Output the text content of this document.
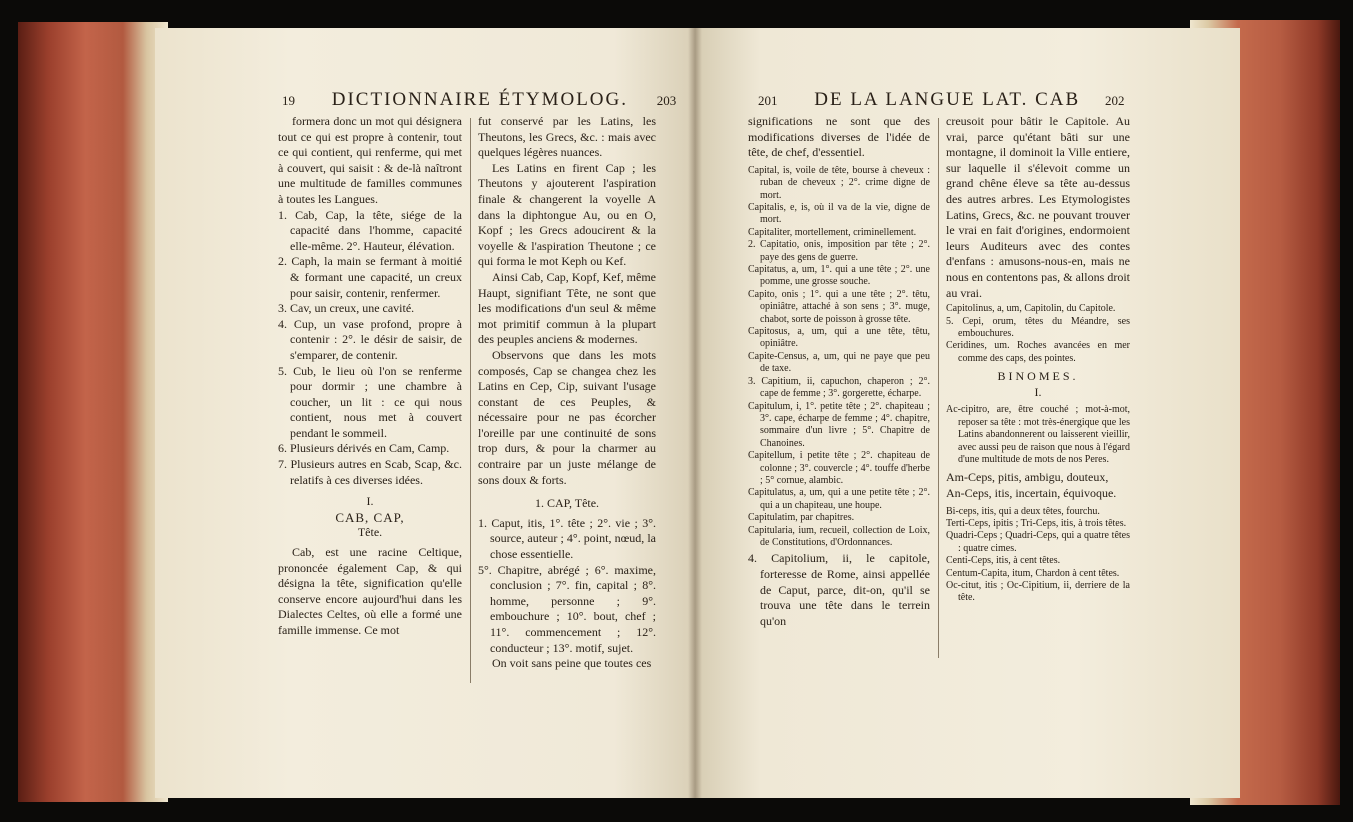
19 DICTIONNAIRE ÉTYMOLOG. 203	201 DE LA LANGUE LAT. CAB 202

formera donc un mot qui désignera tout ce qui est propre à contenir, tout ce qui contient, qui renferme, qui met à couvert, qui saisit : & de-là naîtront une multitude de familles communes à toutes les Langues.

1. Cab, Cap, la tête, siége de la capacité dans l'homme, capacité elle-même. 2°. Hauteur, élévation.

2. Caph, la main se fermant à moitié & formant une capacité, un creux pour saisir, contenir, renfermer.

3. Cav, un creux, une cavité.

4. Cup, un vase profond, propre à contenir : 2°. le désir de saisir, de s'emparer, de contenir.

5. Cub, le lieu où l'on se renferme pour dormir ; une chambre à coucher, un lit : ce qui nous contient, nous met à couvert pendant le sommeil.

6. Plusieurs dérivés en Cam, Camp.

7. Plusieurs autres en Scab, Scap, &c. relatifs à ces diverses idées.

I.

CAB, CAP,

Tête.

Cab, est une racine Celtique, prononcée également Cap, & qui désigna la tête, signification qu'elle conserve encore aujourd'hui dans les Dialectes Celtes, où elle a formé une famille immense. Ce mot

fut conservé par les Latins, les Theutons, les Grecs, &c. : mais avec quelques légères nuances.

Les Latins en firent Cap ; les Theutons y ajouterent l'aspiration finale & changerent la voyelle A dans la diphtongue Au, ou en O, Kopf ; les Grecs adoucirent & la voyelle & l'aspiration Theutone ; ce qui forma le mot Keph ou Kef.

Ainsi Cab, Cap, Kopf, Kef, même Haupt, signifiant Tête, ne sont que les modifications d'un seul & même mot primitif commun à la plupart des peuples anciens & modernes.

Observons que dans les mots composés, Cap se changea chez les Latins en Cep, Cip, suivant l'usage constant de ces Peuples, & nécessaire pour ne pas écorcher l'oreille par une continuité de sons trop durs, & pour la charmer au contraire par un juste mélange de sons doux & forts.

1. CAP, Tête.

1. Caput, itis, 1°. tête ; 2°. vie ; 3°. source, auteur ; 4°. point, nœud, la chose essentielle.

5°. Chapitre, abrégé ; 6°. maxime, conclusion ; 7°. fin, capital ; 8°. homme, personne ; 9°. embouchure ; 10°. bout, chef ; 11°. commencement ; 12°. conducteur ; 13°. motif, sujet.

On voit sans peine que toutes ces

significations ne sont que des modifications diverses de l'idée de tête, de chef, d'essentiel.

Capital, is, voile de tête, bourse à cheveux : ruban de cheveux ; 2°. crime digne de mort.

Capitalis, e, is, où il va de la vie, digne de mort.

Capitaliter, mortellement, criminellement.

2. Capitatio, onis, imposition par tête ; 2°. paye des gens de guerre.

Capitatus, a, um, 1°. qui a une tête ; 2°. une pomme, une grosse souche.

Capito, onis ; 1°. qui a une tête ; 2°. têtu, opiniâtre, attaché à son sens ; 3°. muge, chabot, sorte de poisson à grosse tête.

Capitosus, a, um, qui a une tête, têtu, opiniâtre.

Capite-Census, a, um, qui ne paye que peu de taxe.

3. Capitium, ii, capuchon, chaperon ; 2°. cape de femme ; 3°. gorgerette, écharpe.

Capitulum, i, 1°. petite tête ; 2°. chapiteau ; 3°. cape, écharpe de femme ; 4°. chapitre, sommaire d'un livre ; 5°. Chapitre de Chanoines.

Capitellum, i petite tête ; 2°. chapiteau de colonne ; 3°. couvercle ; 4°. touffe d'herbe ; 5° cornue, alambic.

Capitulatus, a, um, qui a une petite tête ; 2°. qui a un chapiteau, une houpe.

Capitulatim, par chapitres.

Capitularia, ium, recueil, collection de Loix, de Constitutions, d'Ordonnances.

4. Capitolium, ii, le capitole, forteresse de Rome, ainsi appellée de Caput, parce, dit-on, qu'il se trouva une tête dans le terrein qu'on

creusoit pour bâtir le Capitole. Au vrai, parce qu'étant bâti sur une montagne, il dominoit la Ville entiere, sur laquelle il s'élevoit comme un grand chêne éleve sa tête au-dessus des autres arbres. Les Etymologistes Latins, Grecs, &c. ne pouvant trouver le vrai en fait d'origines, endormoient leurs Auditeurs avec des contes d'enfans : amusons-nous-en, mais ne nous en contentons pas, & allons droit au vrai.

Capitolinus, a, um, Capitolin, du Capitole.

5. Cepi, orum, têtes du Méandre, ses embouchures.

Ceridines, um. Roches avancées en mer comme des caps, des pointes.

BINOMES.

I.

Ac-cipitro, are, être couché ; mot-à-mot, reposer sa tête : mot très-énergique que les Latins abandonnerent ou laisserent vieillir, avec aussi peu de raison que nous à l'égard d'une multitude de mots de nos Peres.

Am-Ceps, pitis, ambigu, douteux,

An-Ceps, itis, incertain, équivoque.

Bi-ceps, itis, qui a deux têtes, fourchu.

Terti-Ceps, ipitis ; Tri-Ceps, itis, à trois têtes.

Quadri-Ceps ; Quadri-Ceps, qui a quatre têtes : quatre cimes.

Centi-Ceps, itis, à cent têtes.

Centum-Capita, itum, Chardon à cent têtes.

Oc-citut, itis ; Oc-Cipitium, ii, derriere de la tête.
